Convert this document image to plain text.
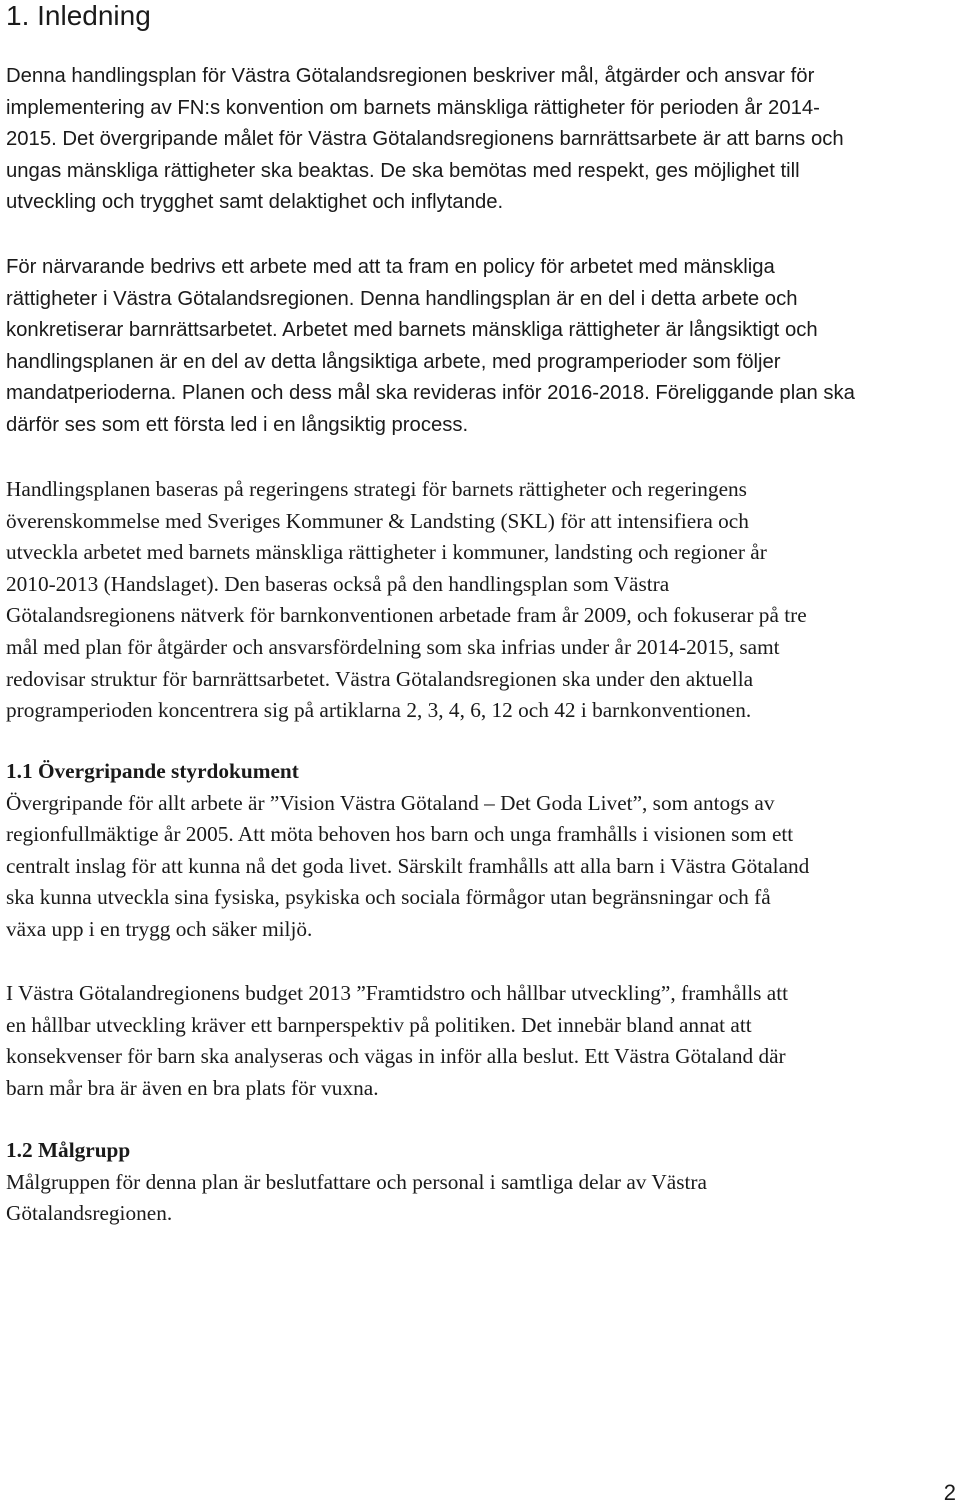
1. Inledning
Denna handlingsplan för Västra Götalandsregionen beskriver mål, åtgärder och ansvar för
implementering av FN:s konvention om barnets mänskliga rättigheter för perioden år 2014-
2015. Det övergripande målet för Västra Götalandsregionens barnrättsarbete är att barns och
ungas mänskliga rättigheter ska beaktas. De ska bemötas med respekt, ges möjlighet till
utveckling och trygghet samt delaktighet och inflytande.
För närvarande bedrivs ett arbete med att ta fram en policy för arbetet med mänskliga
rättigheter i Västra Götalandsregionen. Denna handlingsplan är en del i detta arbete och
konkretiserar barnrättsarbetet. Arbetet med barnets mänskliga rättigheter är långsiktigt och
handlingsplanen är en del av detta långsiktiga arbete, med programperioder som följer
mandatperioderna. Planen och dess mål ska revideras inför 2016-2018. Föreliggande plan ska
därför ses som ett första led i en långsiktig process.
Handlingsplanen baseras på regeringens strategi för barnets rättigheter och regeringens
överenskommelse med Sveriges Kommuner & Landsting (SKL) för att intensifiera och
utveckla arbetet med barnets mänskliga rättigheter i kommuner, landsting och regioner år
2010-2013 (Handslaget). Den baseras också på den handlingsplan som Västra
Götalandsregionens nätverk för barnkonventionen arbetade fram år 2009, och fokuserar på tre
mål med plan för åtgärder och ansvarsfördelning som ska infrias under år 2014-2015, samt
redovisar struktur för barnrättsarbetet. Västra Götalandsregionen ska under den aktuella
programperioden koncentrera sig på artiklarna 2, 3, 4, 6, 12 och 42 i barnkonventionen.
1.1 Övergripande styrdokument
Övergripande för allt arbete är ”Vision Västra Götaland – Det Goda Livet”, som antogs av
regionfullmäktige år 2005. Att möta behoven hos barn och unga framhålls i visionen som ett
centralt inslag för att kunna nå det goda livet. Särskilt framhålls att alla barn i Västra Götaland
ska kunna utveckla sina fysiska, psykiska och sociala förmågor utan begränsningar och få
växa upp i en trygg och säker miljö.
I Västra Götalandregionens budget 2013 ”Framtidstro och hållbar utveckling”, framhålls att
en hållbar utveckling kräver ett barnperspektiv på politiken. Det innebär bland annat att
konsekvenser för barn ska analyseras och vägas in inför alla beslut. Ett Västra Götaland där
barn mår bra är även en bra plats för vuxna.
1.2 Målgrupp
Målgruppen för denna plan är beslutfattare och personal i samtliga delar av Västra
Götalandsregionen.
2
